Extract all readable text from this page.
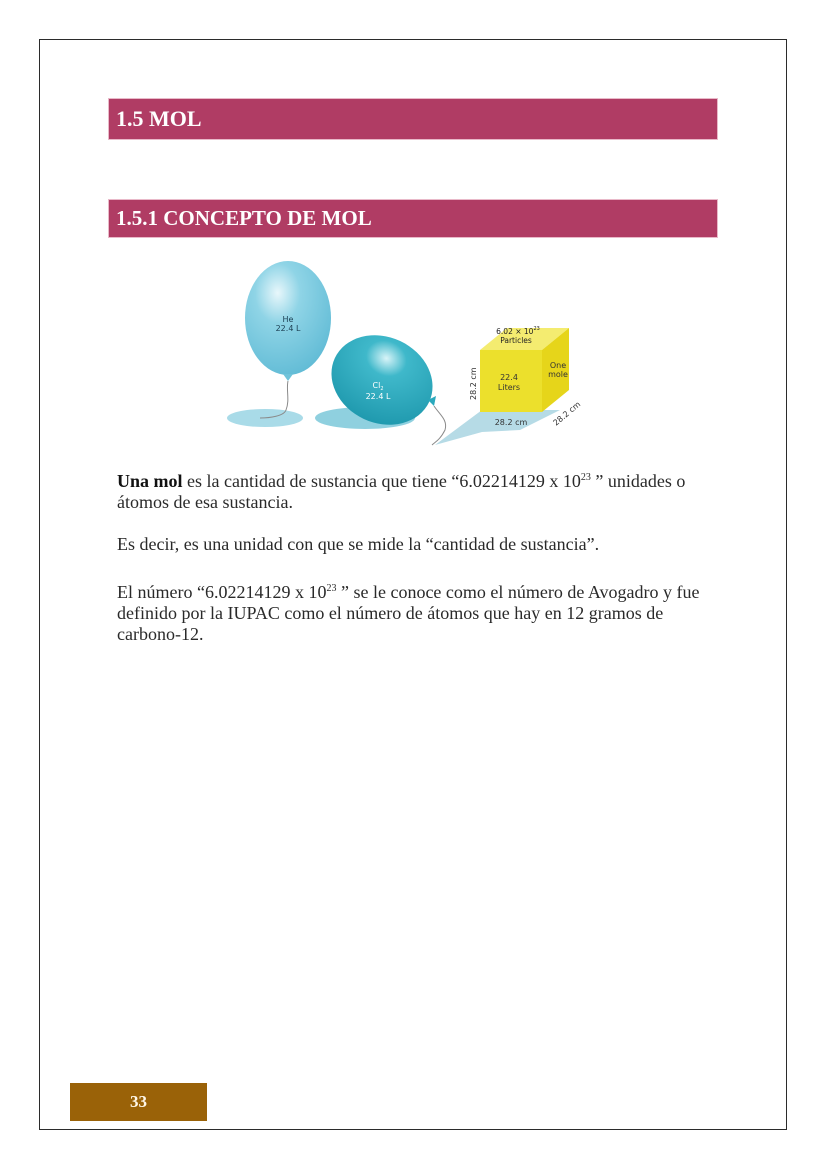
1.5 MOL
1.5.1 CONCEPTO DE MOL
He
22.4 L
$Cl_2$
22.4 L
$6.02 \times 10^{23}$
Particles
22.4
Liters
One
mole
28.2 cm
28.2 cm	28.2 cm
Una mol es la cantidad de sustancia que tiene “6.02214129 x $10^{23}$ ” unidades o átomos de esa sustancia.
Es decir, es una unidad con que se mide la “cantidad de sustancia”.
El número “6.02214129 x $10^{23}$ ” se le conoce como el número de Avogadro y fue definido por la IUPAC como el número de átomos que hay en 12 gramos de carbono-12.
33
